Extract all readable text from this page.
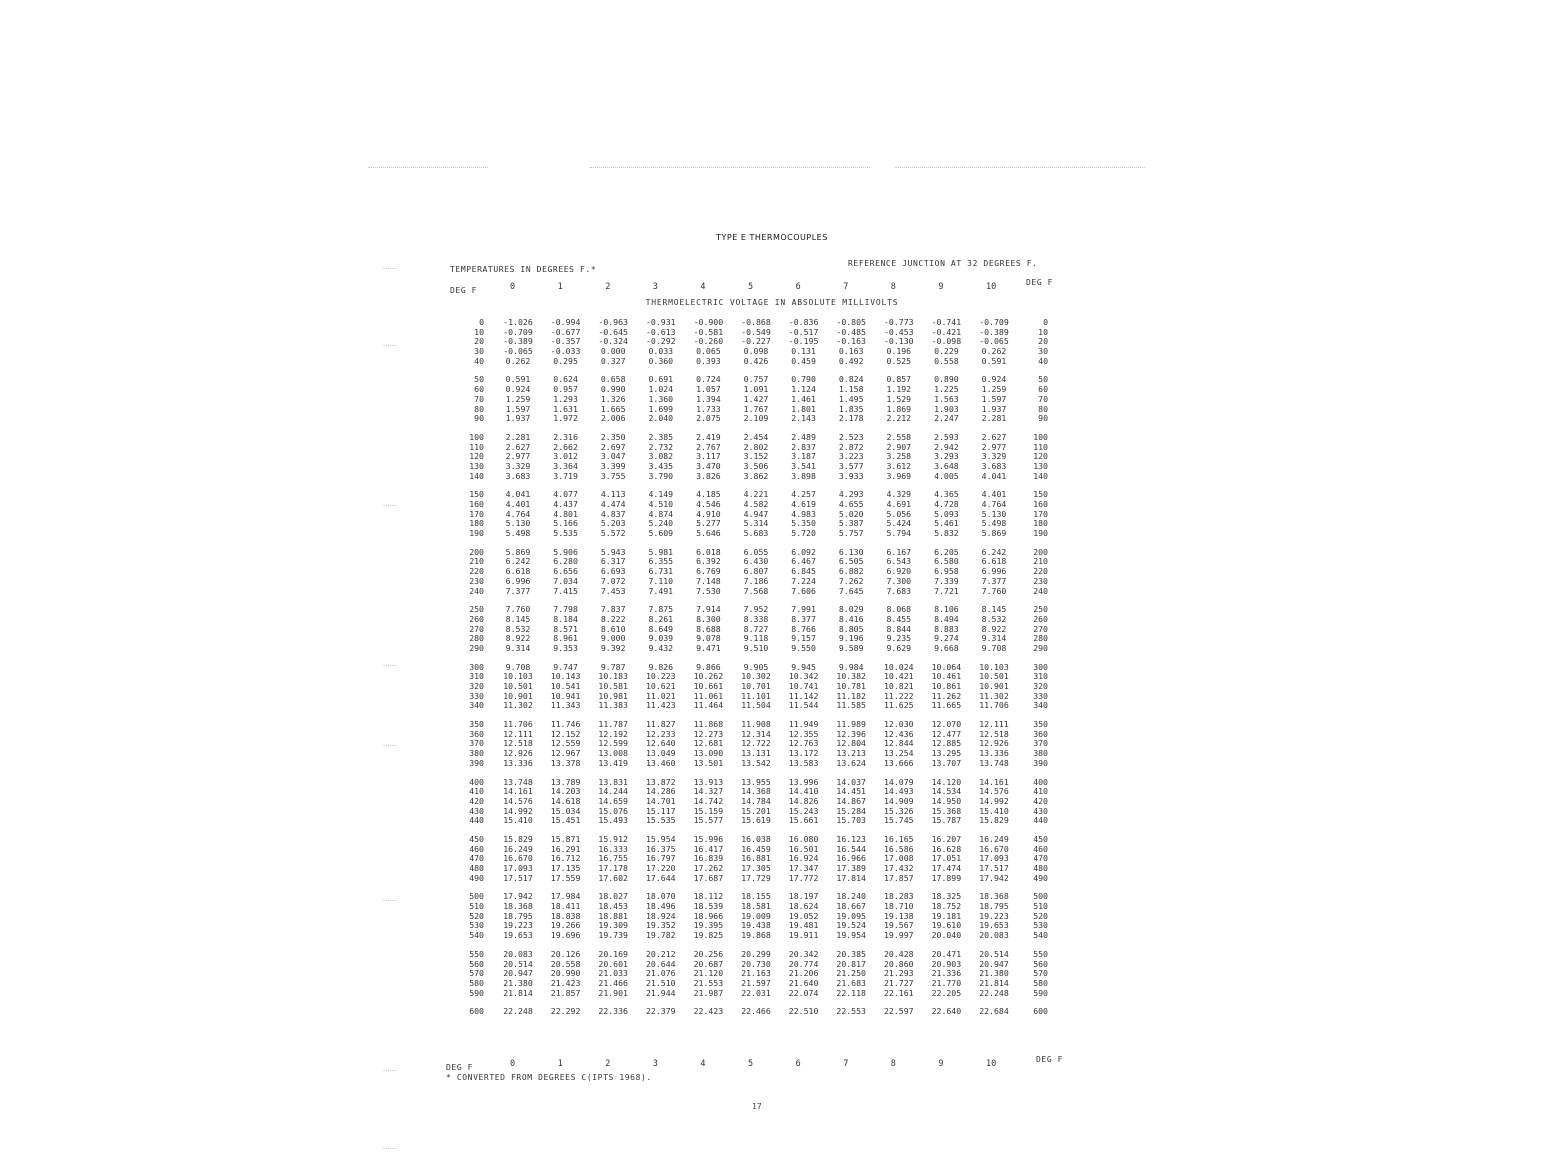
TYPE E THERMOCOUPLES
TEMPERATURES IN DEGREES F.*
REFERENCE JUNCTION AT 32 DEGREES F.
DEG F
DEG F
0	1	2	3	4	5	6	7	8	9	10
THERMOELECTRIC VOLTAGE IN ABSOLUTE MILLIVOLTS
0	-1.026	-0.994	-0.963	-0.931	-0.900	-0.868	-0.836	-0.805	-0.773	-0.741	-0.709	0
10	-0.709	-0.677	-0.645	-0.613	-0.581	-0.549	-0.517	-0.485	-0.453	-0.421	-0.389	10
20	-0.389	-0.357	-0.324	-0.292	-0.260	-0.227	-0.195	-0.163	-0.130	-0.098	-0.065	20
30	-0.065	-0.033	0.000	0.033	0.065	0.098	0.131	0.163	0.196	0.229	0.262	30
40	0.262	0.295	0.327	0.360	0.393	0.426	0.459	0.492	0.525	0.558	0.591	40
50	0.591	0.624	0.658	0.691	0.724	0.757	0.790	0.824	0.857	0.890	0.924	50
60	0.924	0.957	0.990	1.024	1.057	1.091	1.124	1.158	1.192	1.225	1.259	60
70	1.259	1.293	1.326	1.360	1.394	1.427	1.461	1.495	1.529	1.563	1.597	70
80	1.597	1.631	1.665	1.699	1.733	1.767	1.801	1.835	1.869	1.903	1.937	80
90	1.937	1.972	2.006	2.040	2.075	2.109	2.143	2.178	2.212	2.247	2.281	90
100	2.281	2.316	2.350	2.385	2.419	2.454	2.489	2.523	2.558	2.593	2.627	100
110	2.627	2.662	2.697	2.732	2.767	2.802	2.837	2.872	2.907	2.942	2.977	110
120	2.977	3.012	3.047	3.082	3.117	3.152	3.187	3.223	3.258	3.293	3.329	120
130	3.329	3.364	3.399	3.435	3.470	3.506	3.541	3.577	3.612	3.648	3.683	130
140	3.683	3.719	3.755	3.790	3.826	3.862	3.898	3.933	3.969	4.005	4.041	140
150	4.041	4.077	4.113	4.149	4.185	4.221	4.257	4.293	4.329	4.365	4.401	150
160	4.401	4.437	4.474	4.510	4.546	4.582	4.619	4.655	4.691	4.728	4.764	160
170	4.764	4.801	4.837	4.874	4.910	4.947	4.983	5.020	5.056	5.093	5.130	170
180	5.130	5.166	5.203	5.240	5.277	5.314	5.350	5.387	5.424	5.461	5.498	180
190	5.498	5.535	5.572	5.609	5.646	5.683	5.720	5.757	5.794	5.832	5.869	190
200	5.869	5.906	5.943	5.981	6.018	6.055	6.092	6.130	6.167	6.205	6.242	200
210	6.242	6.280	6.317	6.355	6.392	6.430	6.467	6.505	6.543	6.580	6.618	210
220	6.618	6.656	6.693	6.731	6.769	6.807	6.845	6.882	6.920	6.958	6.996	220
230	6.996	7.034	7.072	7.110	7.148	7.186	7.224	7.262	7.300	7.339	7.377	230
240	7.377	7.415	7.453	7.491	7.530	7.568	7.606	7.645	7.683	7.721	7.760	240
250	7.760	7.798	7.837	7.875	7.914	7.952	7.991	8.029	8.068	8.106	8.145	250
260	8.145	8.184	8.222	8.261	8.300	8.338	8.377	8.416	8.455	8.494	8.532	260
270	8.532	8.571	8.610	8.649	8.688	8.727	8.766	8.805	8.844	8.883	8.922	270
280	8.922	8.961	9.000	9.039	9.078	9.118	9.157	9.196	9.235	9.274	9.314	280
290	9.314	9.353	9.392	9.432	9.471	9.510	9.550	9.589	9.629	9.668	9.708	290
300	9.708	9.747	9.787	9.826	9.866	9.905	9.945	9.984	10.024	10.064	10.103	300
310	10.103	10.143	10.183	10.223	10.262	10.302	10.342	10.382	10.421	10.461	10.501	310
320	10.501	10.541	10.581	10.621	10.661	10.701	10.741	10.781	10.821	10.861	10.901	320
330	10.901	10.941	10.981	11.021	11.061	11.101	11.142	11.182	11.222	11.262	11.302	330
340	11.302	11.343	11.383	11.423	11.464	11.504	11.544	11.585	11.625	11.665	11.706	340
350	11.706	11.746	11.787	11.827	11.868	11.908	11.949	11.989	12.030	12.070	12.111	350
360	12.111	12.152	12.192	12.233	12.273	12.314	12.355	12.396	12.436	12.477	12.518	360
370	12.518	12.559	12.599	12.640	12.681	12.722	12.763	12.804	12.844	12.885	12.926	370
380	12.926	12.967	13.008	13.049	13.090	13.131	13.172	13.213	13.254	13.295	13.336	380
390	13.336	13.378	13.419	13.460	13.501	13.542	13.583	13.624	13.666	13.707	13.748	390
400	13.748	13.789	13.831	13.872	13.913	13.955	13.996	14.037	14.079	14.120	14.161	400
410	14.161	14.203	14.244	14.286	14.327	14.368	14.410	14.451	14.493	14.534	14.576	410
420	14.576	14.618	14.659	14.701	14.742	14.784	14.826	14.867	14.909	14.950	14.992	420
430	14.992	15.034	15.076	15.117	15.159	15.201	15.243	15.284	15.326	15.368	15.410	430
440	15.410	15.451	15.493	15.535	15.577	15.619	15.661	15.703	15.745	15.787	15.829	440
450	15.829	15.871	15.912	15.954	15.996	16.038	16.080	16.123	16.165	16.207	16.249	450
460	16.249	16.291	16.333	16.375	16.417	16.459	16.501	16.544	16.586	16.628	16.670	460
470	16.670	16.712	16.755	16.797	16.839	16.881	16.924	16.966	17.008	17.051	17.093	470
480	17.093	17.135	17.178	17.220	17.262	17.305	17.347	17.389	17.432	17.474	17.517	480
490	17.517	17.559	17.602	17.644	17.687	17.729	17.772	17.814	17.857	17.899	17.942	490
500	17.942	17.984	18.027	18.070	18.112	18.155	18.197	18.240	18.283	18.325	18.368	500
510	18.368	18.411	18.453	18.496	18.539	18.581	18.624	18.667	18.710	18.752	18.795	510
520	18.795	18.838	18.881	18.924	18.966	19.009	19.052	19.095	19.138	19.181	19.223	520
530	19.223	19.266	19.309	19.352	19.395	19.438	19.481	19.524	19.567	19.610	19.653	530
540	19.653	19.696	19.739	19.782	19.825	19.868	19.911	19.954	19.997	20.040	20.083	540
550	20.083	20.126	20.169	20.212	20.256	20.299	20.342	20.385	20.428	20.471	20.514	550
560	20.514	20.558	20.601	20.644	20.687	20.730	20.774	20.817	20.860	20.903	20.947	560
570	20.947	20.990	21.033	21.076	21.120	21.163	21.206	21.250	21.293	21.336	21.380	570
580	21.380	21.423	21.466	21.510	21.553	21.597	21.640	21.683	21.727	21.770	21.814	580
590	21.814	21.857	21.901	21.944	21.987	22.031	22.074	22.118	22.161	22.205	22.248	590
600	22.248	22.292	22.336	22.379	22.423	22.466	22.510	22.553	22.597	22.640	22.684	600
DEG F
DEG F
0	1	2	3	4	5	6	7	8	9	10
* CONVERTED FROM DEGREES C(IPTS 1968).
17
